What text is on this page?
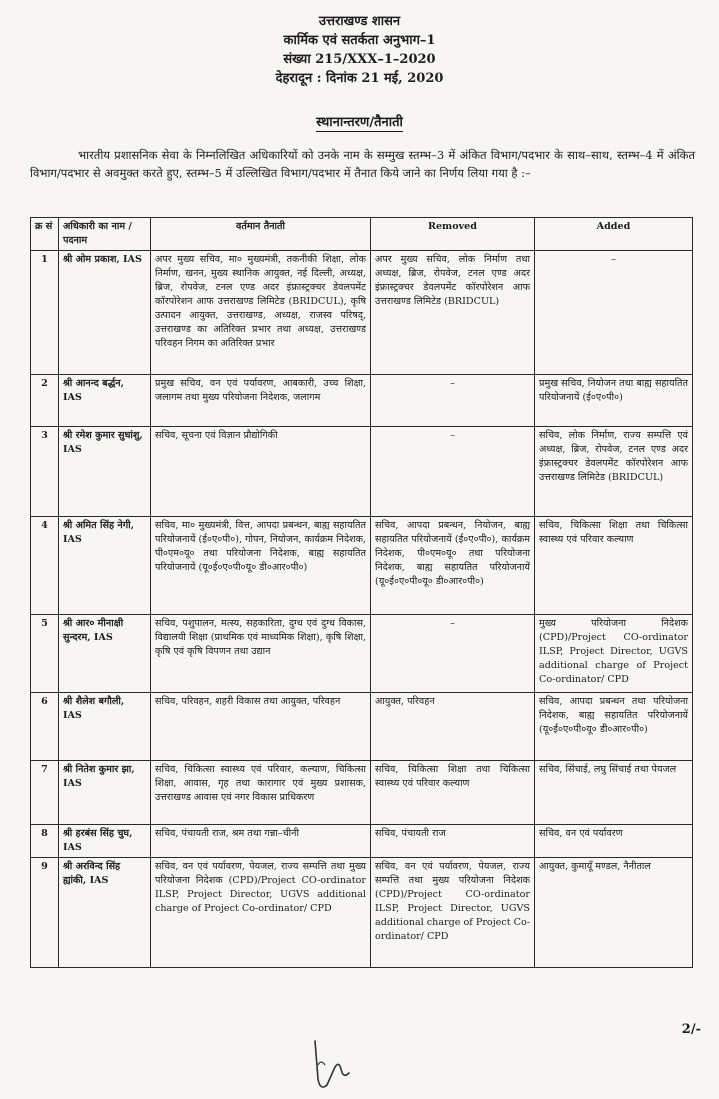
उत्तराखण्ड शासन
कार्मिक एवं सतर्कता अनुभाग–1
संख्या 215/XXX–1–2020
देहरादून : दिनांक 21 मई, 2020
स्थानान्तरण/तैनाती

भारतीय प्रशासनिक सेवा के निम्नलिखित अधिकारियों को उनके नाम के सम्मुख स्तम्भ–3 में अंकित विभाग/पदभार के साथ–साथ, स्तम्भ–4 में अंकित विभाग/पदभार से अवमुक्त करते हुए, स्तम्भ–5 में उल्लिखित विभाग/पदभार में तैनात किये जाने का निर्णय लिया गया है :–

क्र सं	अधिकारी का नाम /पदनाम	वर्तमान तैनाती	Removed	Added
1	श्री ओम प्रकाश, IAS	अपर मुख्य सचिव, मा० मुख्यमंत्री, तकनीकी शिक्षा, लोक निर्माण, खनन, मुख्य स्थानिक आयुक्त, नई दिल्ली, अध्यक्ष, ब्रिज, रोपवेज, टनल एण्ड अदर इंफ्रास्ट्रक्चर डेवलपमेंट कॉरपोरेशन आफ उत्तराखण्ड लिमिटेड (BRIDCUL), कृषि उत्पादन आयुक्त, उत्तराखण्ड, अध्यक्ष, राजस्व परिषद्, उत्तराखण्ड का अतिरिक्त प्रभार तथा अध्यक्ष, उत्तराखण्ड परिवहन निगम का अतिरिक्त प्रभार	अपर मुख्य सचिव, लोक निर्माण तथा अध्यक्ष, ब्रिज, रोपवेज, टनल एण्ड अदर इंफ्रास्ट्रक्चर डेवलपमेंट कॉरपोरेशन आफ उत्तराखण्ड लिमिटेड (BRIDCUL)	–
2	श्री आनन्द बर्द्धन, IAS	प्रमुख सचिव, वन एवं पर्यावरण, आबकारी, उच्च शिक्षा, जलागम तथा मुख्य परियोजना निदेशक, जलागम	–	प्रमुख सचिव, नियोजन तथा बाह्य सहायतित परियोजनायें (ई०ए०पी०)
3	श्री रमेश कुमार सुधांशु, IAS	सचिव, सूचना एवं विज्ञान प्रौद्योगिकी	–	सचिव, लोक निर्माण, राज्य सम्पत्ति एवं अध्यक्ष, ब्रिज, रोपवेज, टनल एण्ड अदर इंफ्रास्ट्रक्चर डेवलपमेंट कॉरपोरेशन आफ उत्तराखण्ड लिमिटेड (BRIDCUL)
4	श्री अमित सिंह नेगी, IAS	सचिव, मा० मुख्यमंत्री, वित्त, आपदा प्रबन्धन, बाह्य सहायतित परियोजनायें (ई०ए०पी०), गोपन, नियोजन, कार्यक्रम निदेशक, पी०एम०यू० तथा परियोजना निदेशक, बाह्य सहायतित परियोजनायें (यू०ई०ए०पी०यू० डी०आर०पी०)	सचिव, आपदा प्रबन्धन, नियोजन, बाह्य सहायतित परियोजनायें (ई०ए०पी०), कार्यक्रम निदेशक, पी०एम०यू० तथा परियोजना निदेशक, बाह्य सहायतित परियोजनायें (यू०ई०ए०पी०यू० डी०आर०पी०)	सचिव, चिकित्सा शिक्षा तथा चिकित्सा स्वास्थ्य एवं परिवार कल्याण
5	श्री आर० मीनाक्षी सुन्दरम, IAS	सचिव, पशुपालन, मत्स्य, सहकारिता, दुग्ध एवं दुग्ध विकास, विद्यालयी शिक्षा (प्राथमिक एवं माध्यमिक शिक्षा), कृषि शिक्षा, कृषि एवं कृषि विपणन तथा उद्यान	–	मुख्य परियोजना निदेशक (CPD)/Project CO-ordinator ILSP, Project Director, UGVS additional charge of Project Co-ordinator/ CPD
6	श्री शैलेश बगौली, IAS	सचिव, परिवहन, शहरी विकास तथा आयुक्त, परिवहन	आयुक्त, परिवहन	सचिव, आपदा प्रबन्धन तथा परियोजना निदेशक, बाह्य सहायतित परियोजनायें (यू०ई०ए०पी०यू० डी०आर०पी०)
7	श्री नितेश कुमार झा, IAS	सचिव, चिकित्सा स्वास्थ्य एवं परिवार, कल्याण, चिकित्सा शिक्षा, आवास, गृह तथा कारागार एवं मुख्य प्रशासक, उत्तराखण्ड आवास एवं नगर विकास प्राधिकरण	सचिव, चिकित्सा शिक्षा तथा चिकित्सा स्वास्थ्य एवं परिवार कल्याण	सचिव, सिंचाई, लघु सिंचाई तथा पेयजल
8	श्री हरबंस सिंह चुघ, IAS	सचिव, पंचायती राज, श्रम तथा गन्ना–चीनी	सचिव, पंचायती राज	सचिव, वन एवं पर्यावरण
9	श्री अरविन्द सिंह ह्यांकी, IAS	सचिव, वन एवं पर्यावरण, पेयजल, राज्य सम्पत्ति तथा मुख्य परियोजना निदेशक (CPD)/Project CO-ordinator ILSP, Project Director, UGVS additional charge of Project Co-ordinator/ CPD	सचिव, वन एवं पर्यावरण, पेयजल, राज्य सम्पत्ति तथा मुख्य परियोजना निदेशक (CPD)/Project CO-ordinator ILSP, Project Director, UGVS additional charge of Project Co-ordinator/ CPD	आयुक्त, कुमायूँ मण्डल, नैनीताल
2/-
